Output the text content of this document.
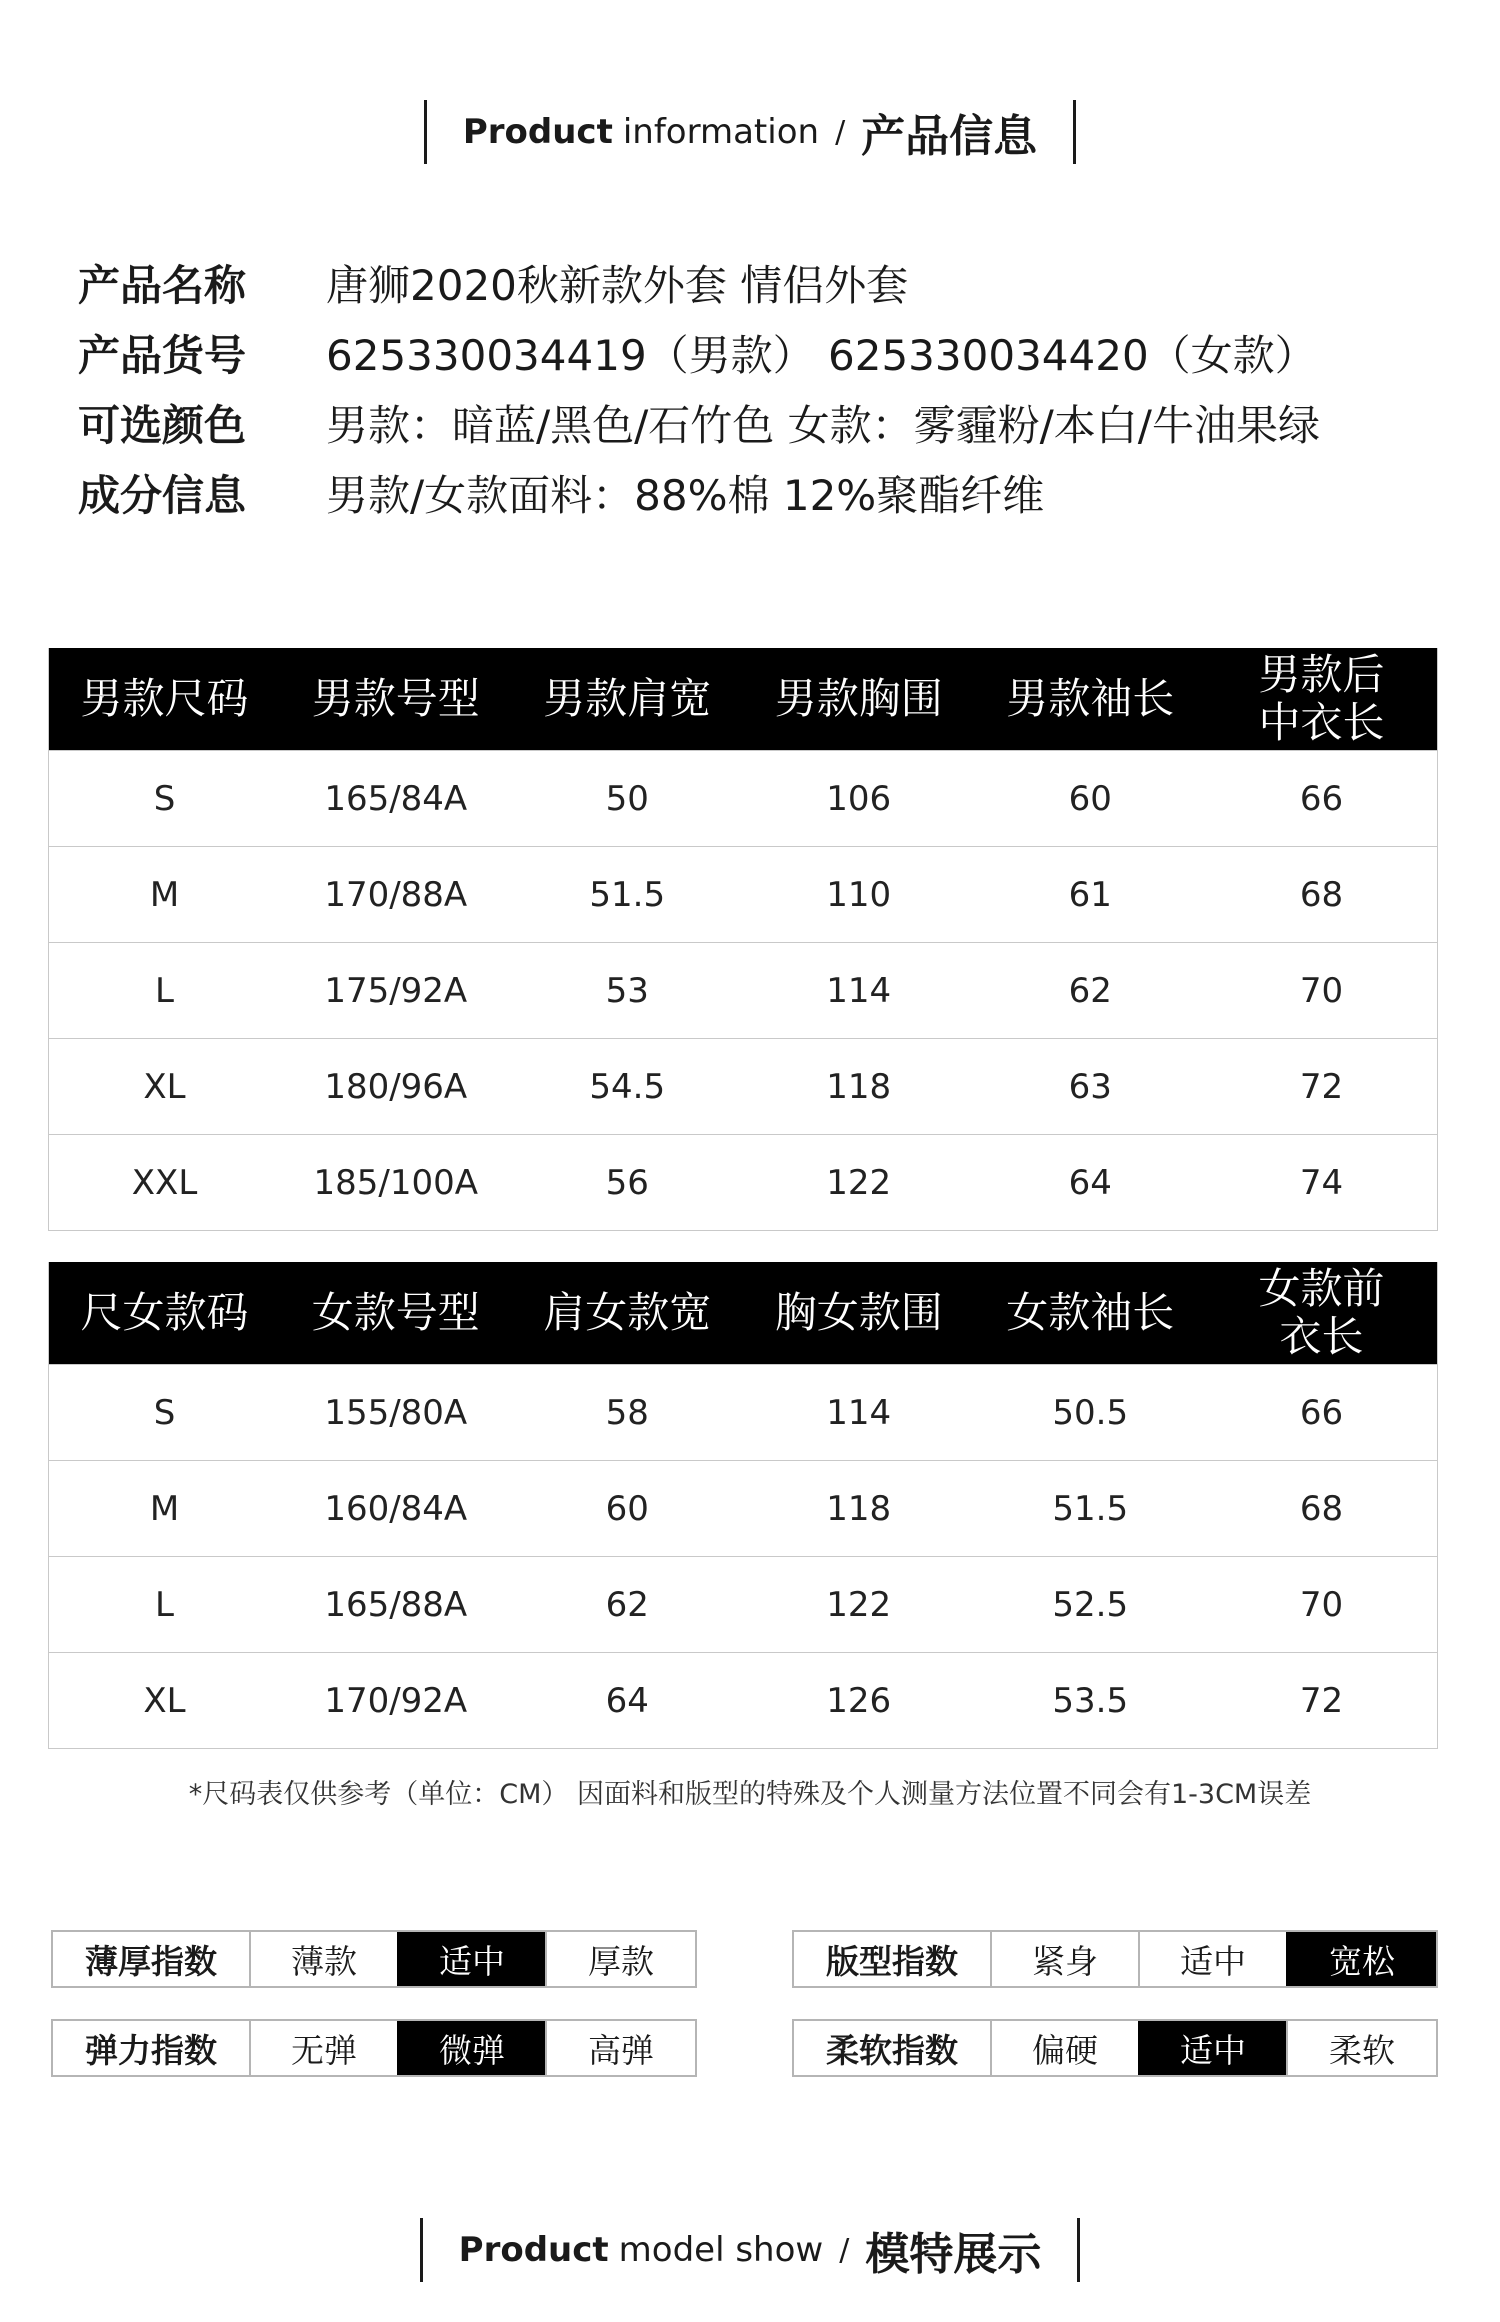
Product information / 产品信息
产品名称	唐狮2020秋新款外套 情侣外套
产品货号	625330034419（男款） 625330034420（女款）
可选颜色	男款：暗蓝/黑色/石竹色 女款：雾霾粉/本白/牛油果绿
成分信息	男款/女款面料：88%棉 12%聚酯纤维
男款尺码	男款号型	男款肩宽	男款胸围	男款袖长	男款后中衣长
S	165/84A	50	106	60	66
M	170/88A	51.5	110	61	68
L	175/92A	53	114	62	70
XL	180/96A	54.5	118	63	72
XXL	185/100A	56	122	64	74
尺女款码	女款号型	肩女款宽	胸女款围	女款袖长	女款前衣长
S	155/80A	58	114	50.5	66
M	160/84A	60	118	51.5	68
L	165/88A	62	122	52.5	70
XL	170/92A	64	126	53.5	72
*尺码表仅供参考（单位：CM） 因面料和版型的特殊及个人测量方法位置不同会有1-3CM误差
薄厚指数	薄款	适中	厚款
弹力指数	无弹	微弹	高弹
版型指数	紧身	适中	宽松
柔软指数	偏硬	适中	柔软
Product model show / 模特展示
